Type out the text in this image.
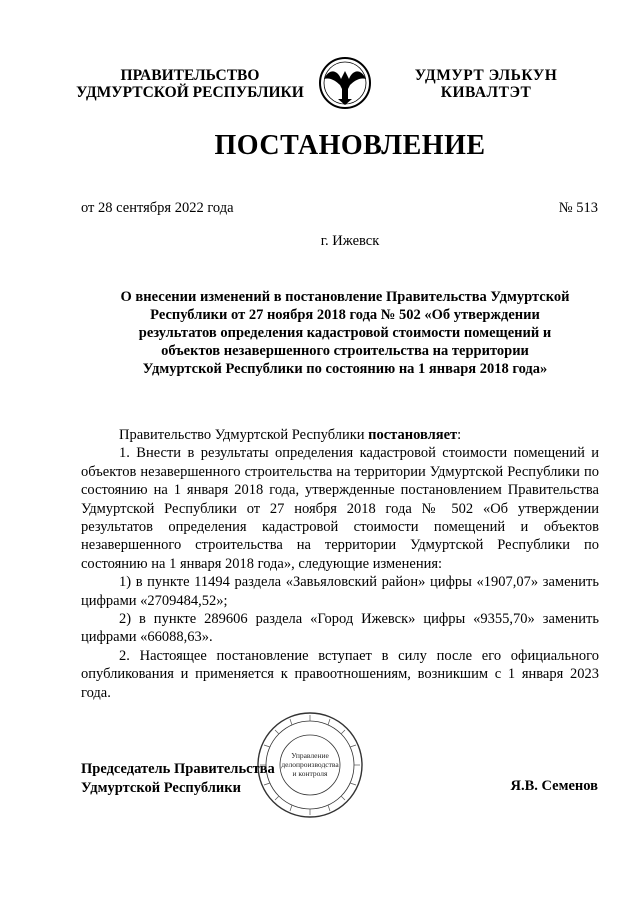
ПРАВИТЕЛЬСТВО
УДМУРТСКОЙ РЕСПУБЛИКИ
УДМУРТ ЭЛЬКУН
КИВАЛТЭТ
ПОСТАНОВЛЕНИЕ
от 28 сентября 2022 года	№ 513
г. Ижевск
О внесении изменений в постановление Правительства Удмуртской Республики от 27 ноября 2018 года № 502 «Об утверждении результатов определения кадастровой стоимости помещений и объектов незавершенного строительства на территории Удмуртской Республики по состоянию на 1 января 2018 года»

Правительство Удмуртской Республики постановляет:

1. Внести в результаты определения кадастровой стоимости помещений и объектов незавершенного строительства на территории Удмуртской Республики по состоянию на 1 января 2018 года, утвержденные постановлением Правительства Удмуртской Республики от 27 ноября 2018 года № 502 «Об утверждении результатов определения кадастровой стоимости помещений и объектов незавершенного строительства на территории Удмуртской Республики по состоянию на 1 января 2018 года», следующие изменения:

1) в пункте 11494 раздела «Завьяловский район» цифры «1907,07» заменить цифрами «2709484,52»;

2) в пункте 289606 раздела «Город Ижевск» цифры «9355,70» заменить цифрами «66088,63».

2. Настоящее постановление вступает в силу после его официального опубликования и применяется к правоотношениям, возникшим с 1 января 2023 года.

Управление
делопроизводства
и контроля
Председатель Правительства
Удмуртской Республики	Я.В. Семенов
